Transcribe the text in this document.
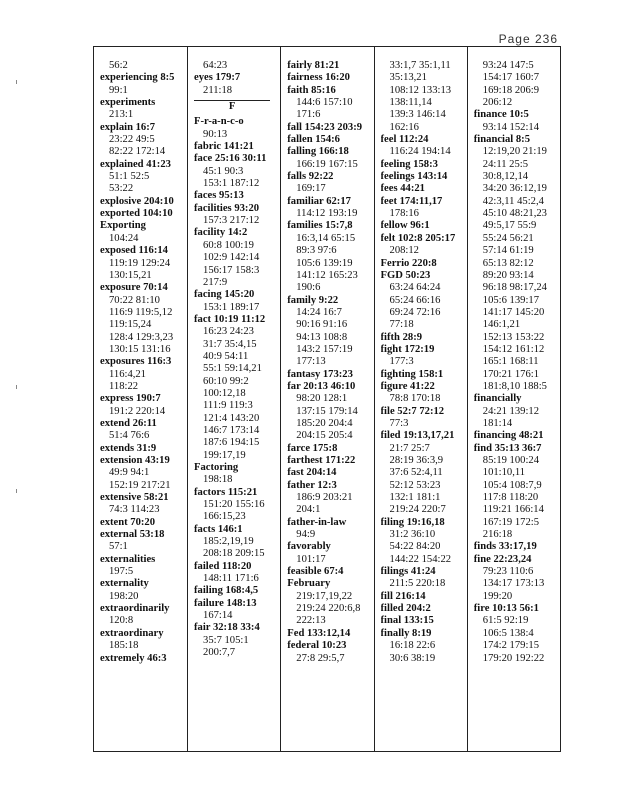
Page 236
56:2
experiencing 8:5
99:1
experiments
213:1
explain 16:7
23:22 49:5
82:22 172:14
explained 41:23
51:1 52:5
53:22
explosive 204:10
exported 104:10
Exporting
104:24
exposed 116:14
119:19 129:24
130:15,21
exposure 70:14
70:22 81:10
116:9 119:5,12
119:15,24
128:4 129:3,23
130:15 131:16
exposures 116:3
116:4,21
118:22
express 190:7
191:2 220:14
extend 26:11
51:4 76:6
extends 31:9
extension 43:19
49:9 94:1
152:19 217:21
extensive 58:21
74:3 114:23
extent 70:20
external 53:18
57:1
externalities
197:5
externality
198:20
extraordinarily
120:8
extraordinary
185:18
extremely 46:3
64:23
eyes 179:7
211:18
F
F-r-a-n-c-o
90:13
fabric 141:21
face 25:16 30:11
45:1 90:3
153:1 187:12
faces 95:13
facilities 93:20
157:3 217:12
facility 14:2
60:8 100:19
102:9 142:14
156:17 158:3
217:9
facing 145:20
153:1 189:17
fact 10:19 11:12
16:23 24:23
31:7 35:4,15
40:9 54:11
55:1 59:14,21
60:10 99:2
100:12,18
111:9 119:3
121:4 143:20
146:7 173:14
187:6 194:15
199:17,19
Factoring
198:18
factors 115:21
151:20 155:16
166:15,23
facts 146:1
185:2,19,19
208:18 209:15
failed 118:20
148:11 171:6
failing 168:4,5
failure 148:13
167:14
fair 32:18 33:4
35:7 105:1
200:7,7
fairly 81:21
fairness 16:20
faith 85:16
144:6 157:10
171:6
fall 154:23 203:9
fallen 154:6
falling 166:18
166:19 167:15
falls 92:22
169:17
familiar 62:17
114:12 193:19
families 15:7,8
16:3,14 65:15
89:3 97:6
105:6 139:19
141:12 165:23
190:6
family 9:22
14:24 16:7
90:16 91:16
94:13 108:8
143:2 157:19
177:13
fantasy 173:23
far 20:13 46:10
98:20 128:1
137:15 179:14
185:20 204:4
204:15 205:4
farce 175:8
farthest 171:22
fast 204:14
father 12:3
186:9 203:21
204:1
father-in-law
94:9
favorably
101:17
feasible 67:4
February
219:17,19,22
219:24 220:6,8
222:13
Fed 133:12,14
federal 10:23
27:8 29:5,7
33:1,7 35:1,11
35:13,21
108:12 133:13
138:11,14
139:3 146:14
162:16
feel 112:24
116:24 194:14
feeling 158:3
feelings 143:14
fees 44:21
feet 174:11,17
178:16
fellow 96:1
felt 102:8 205:17
208:12
Ferrio 220:8
FGD 50:23
63:24 64:24
65:24 66:16
69:24 72:16
77:18
fifth 28:9
fight 172:19
177:3
fighting 158:1
figure 41:22
78:8 170:18
file 52:7 72:12
77:3
filed 19:13,17,21
21:7 25:7
28:19 36:3,9
37:6 52:4,11
52:12 53:23
132:1 181:1
219:24 220:7
filing 19:16,18
31:2 36:10
54:22 84:20
144:22 154:22
filings 41:24
211:5 220:18
fill 216:14
filled 204:2
final 133:15
finally 8:19
16:18 22:6
30:6 38:19
93:24 147:5
154:17 160:7
169:18 206:9
206:12
finance 10:5
93:14 152:14
financial 8:5
12:19,20 21:19
24:11 25:5
30:8,12,14
34:20 36:12,19
42:3,11 45:2,4
45:10 48:21,23
49:5,17 55:9
55:24 56:21
57:14 61:19
65:13 82:12
89:20 93:14
96:18 98:17,24
105:6 139:17
141:17 145:20
146:1,21
152:13 153:22
154:12 161:12
165:1 168:11
170:21 176:1
181:8,10 188:5
financially
24:21 139:12
181:14
financing 48:21
find 35:13 36:7
85:19 100:24
101:10,11
105:4 108:7,9
117:8 118:20
119:21 166:14
167:19 172:5
216:18
finds 33:17,19
fine 22:23,24
79:23 110:6
134:17 173:13
199:20
fire 10:13 56:1
61:5 92:19
106:5 138:4
174:2 179:15
179:20 192:22
